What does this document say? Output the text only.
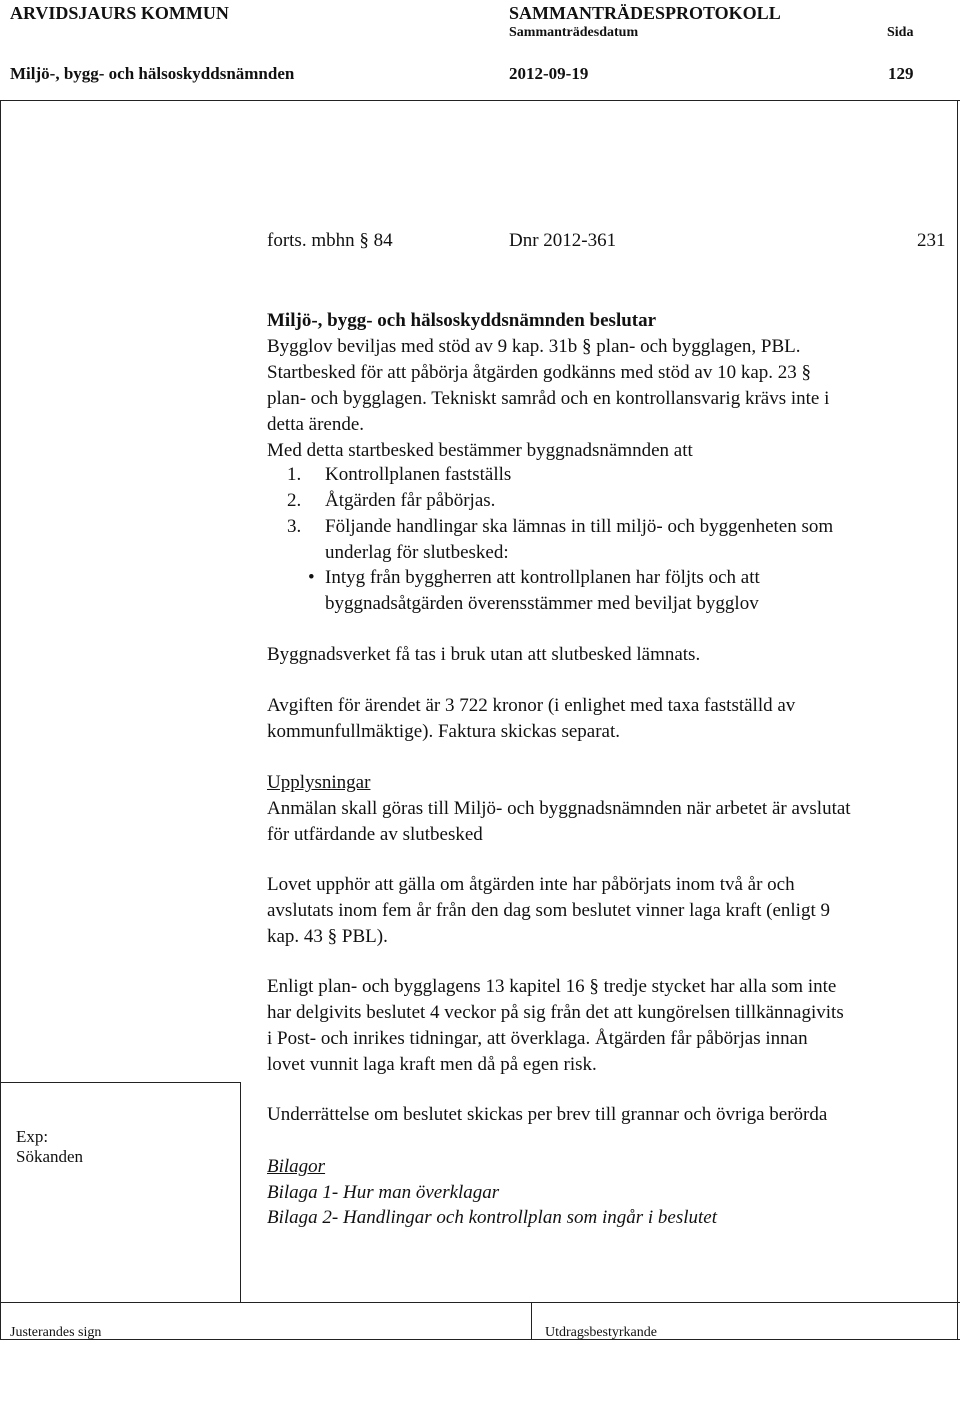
ARVIDSJAURS KOMMUN	SAMMANTRÄDESPROTOKOLL
Sammanträdesdatum	Sida
Miljö-, bygg- och hälsoskyddsnämnden	2012-09-19	129
forts. mbhn § 84	Dnr 2012-361	231
Miljö-, bygg- och hälsoskyddsnämnden beslutar
Bygglov beviljas med stöd av 9 kap. 31b § plan- och bygglagen, PBL.
Startbesked för att påbörja åtgärden godkänns med stöd av 10 kap. 23 §
plan- och bygglagen. Tekniskt samråd och en kontrollansvarig krävs inte i
detta ärende.
Med detta startbesked bestämmer byggnadsnämnden att
1. Kontrollplanen fastställs
2. Åtgärden får påbörjas.
3. Följande handlingar ska lämnas in till miljö- och byggenheten som
underlag för slutbesked:
• Intyg från byggherren att kontrollplanen har följts och att
byggnadsåtgärden överensstämmer med beviljat bygglov
Byggnadsverket få tas i bruk utan att slutbesked lämnats.
Avgiften för ärendet är 3 722 kronor (i enlighet med taxa fastställd av
kommunfullmäktige). Faktura skickas separat.
Upplysningar
Anmälan skall göras till Miljö- och byggnadsnämnden när arbetet är avslutat
för utfärdande av slutbesked
Lovet upphör att gälla om åtgärden inte har påbörjats inom två år och
avslutats inom fem år från den dag som beslutet vinner laga kraft (enligt 9
kap. 43 § PBL).
Enligt plan- och bygglagens 13 kapitel 16 § tredje stycket har alla som inte
har delgivits beslutet 4 veckor på sig från det att kungörelsen tillkännagivits
i Post- och inrikes tidningar, att överklaga. Åtgärden får påbörjas innan
lovet vunnit laga kraft men då på egen risk.
Underrättelse om beslutet skickas per brev till grannar och övriga berörda
Bilagor
Bilaga 1- Hur man överklagar
Bilaga 2- Handlingar och kontrollplan som ingår i beslutet
Exp:
Sökanden
Justerandes sign	Utdragsbestyrkande
